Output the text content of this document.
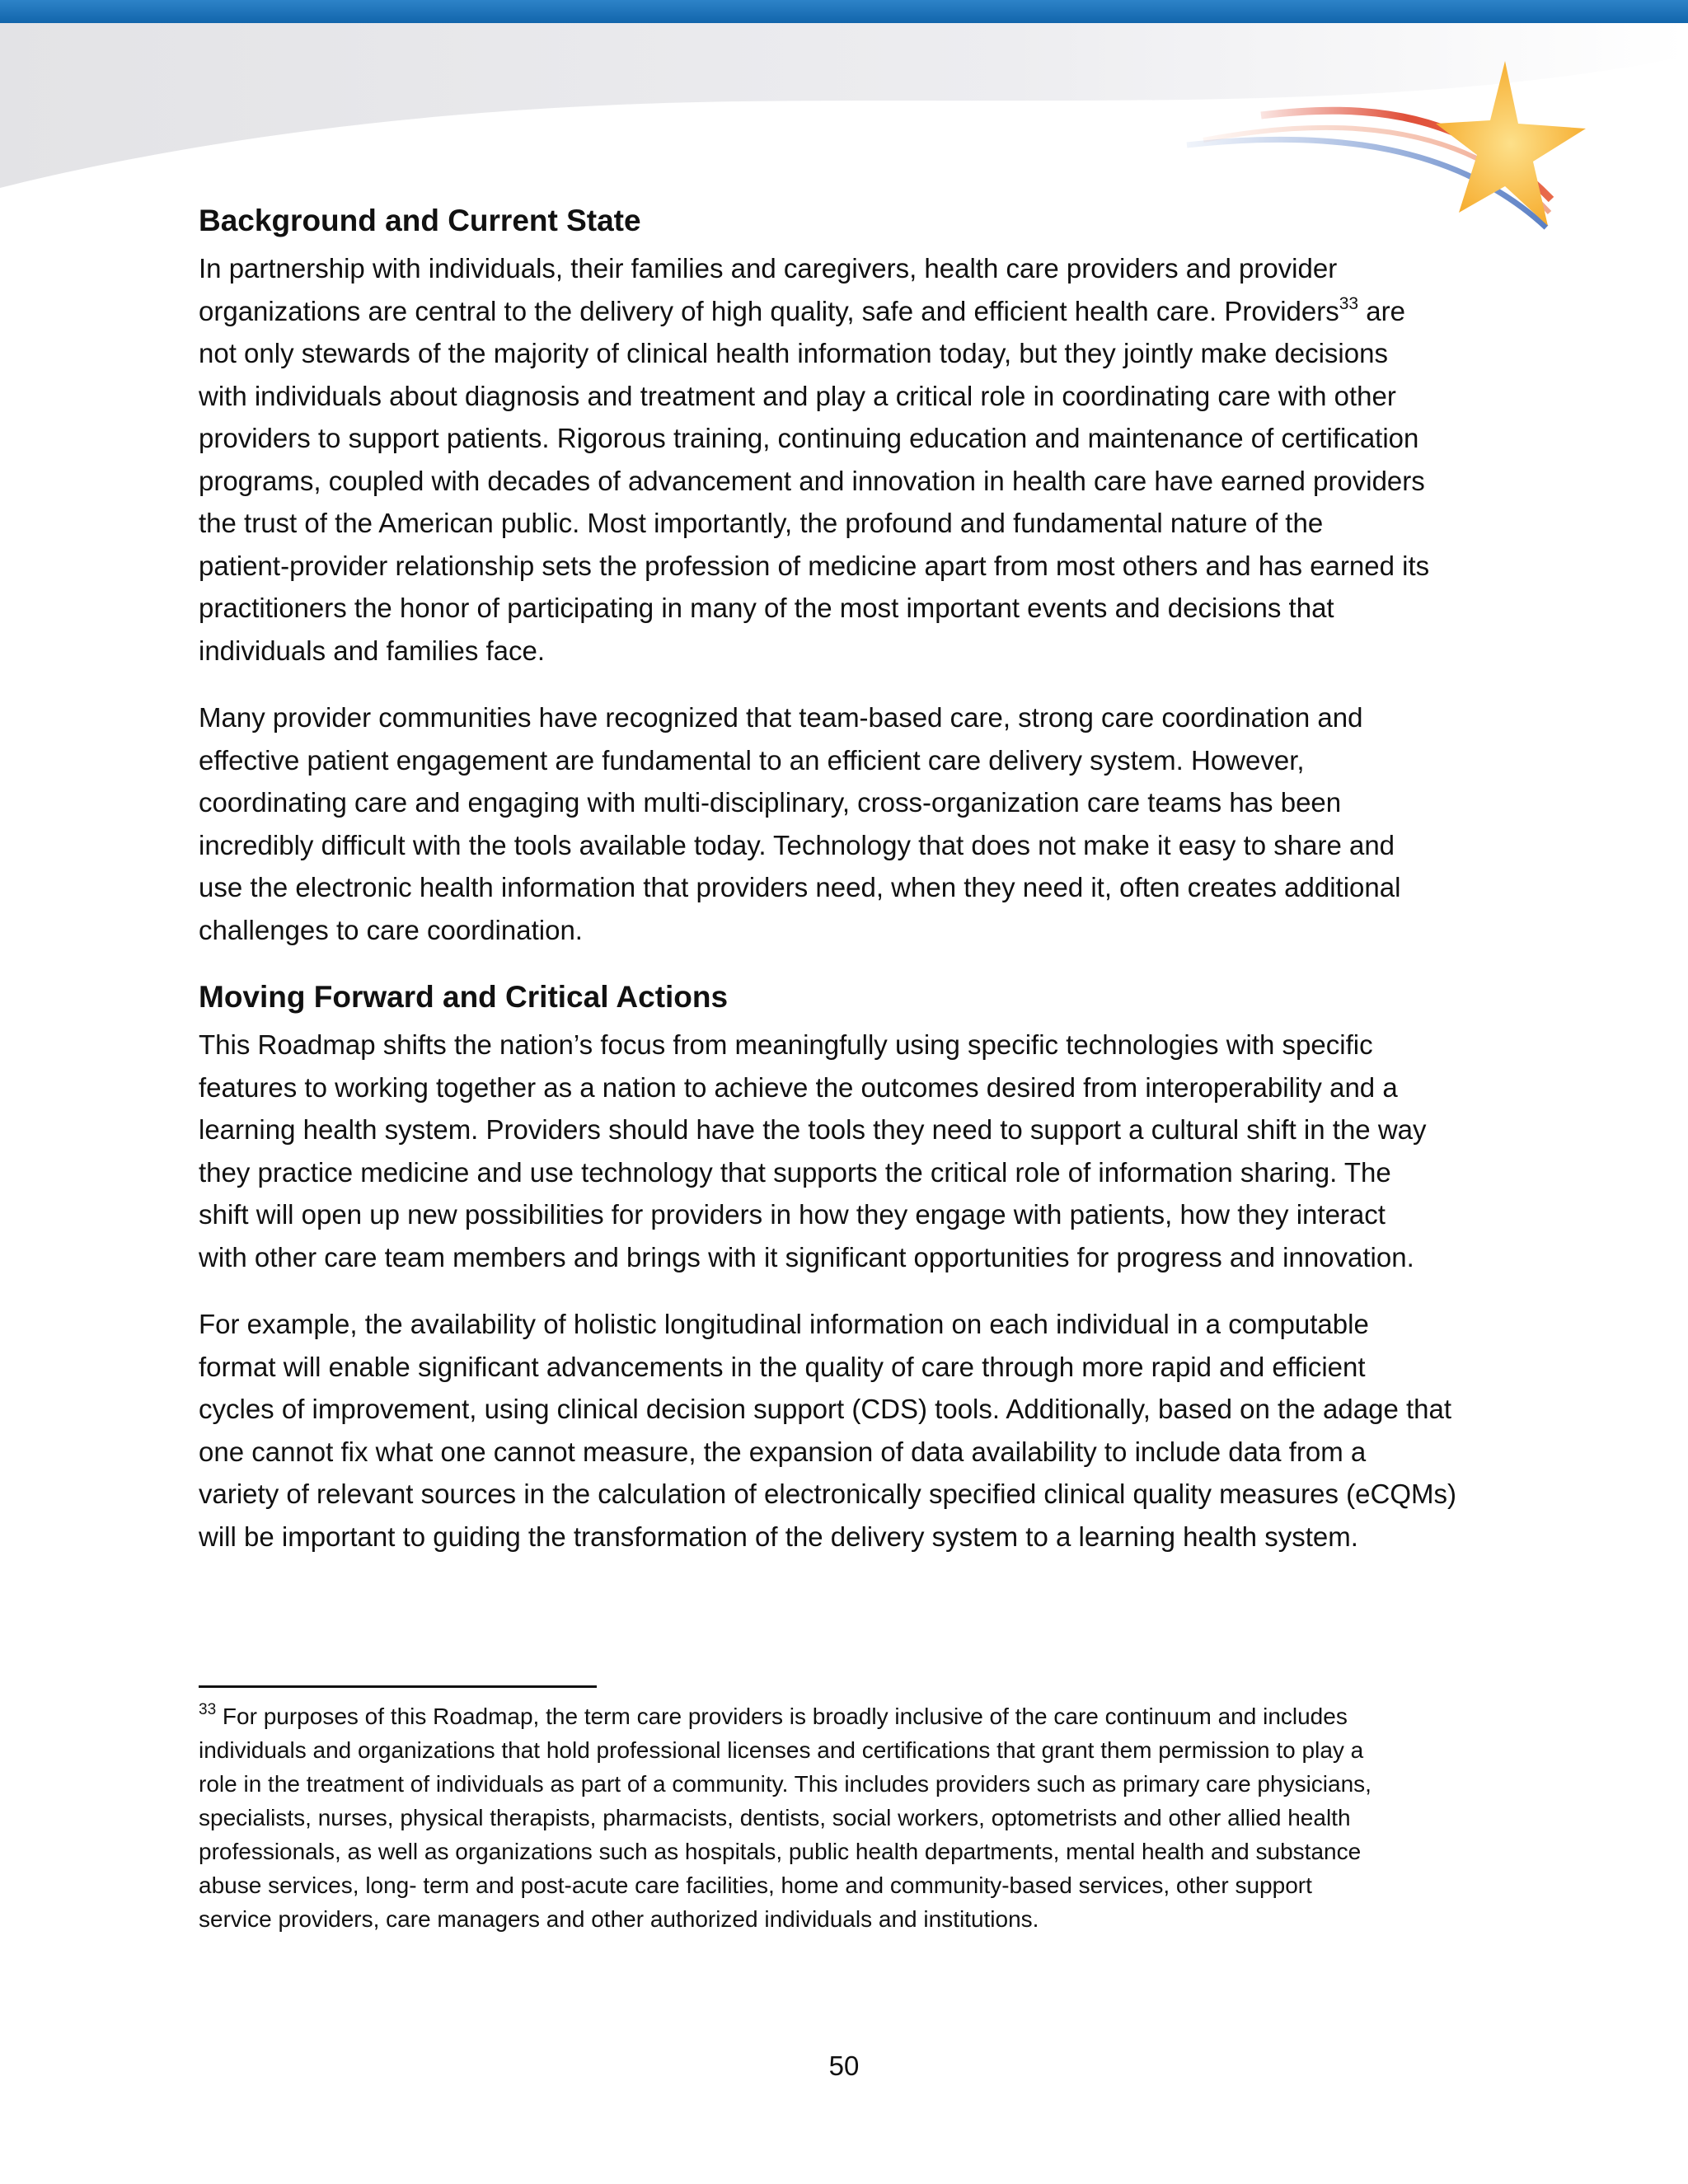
Background and Current State

In partnership with individuals, their families and caregivers, health care providers and provider
organizations are central to the delivery of high quality, safe and efficient health care. Providers$^{33}$ are
not only stewards of the majority of clinical health information today, but they jointly make decisions
with individuals about diagnosis and treatment and play a critical role in coordinating care with other
providers to support patients. Rigorous training, continuing education and maintenance of certification
programs, coupled with decades of advancement and innovation in health care have earned providers
the trust of the American public. Most importantly, the profound and fundamental nature of the
patient-provider relationship sets the profession of medicine apart from most others and has earned its
practitioners the honor of participating in many of the most important events and decisions that
individuals and families face.

Many provider communities have recognized that team-based care, strong care coordination and
effective patient engagement are fundamental to an efficient care delivery system. However,
coordinating care and engaging with multi-disciplinary, cross-organization care teams has been
incredibly difficult with the tools available today. Technology that does not make it easy to share and
use the electronic health information that providers need, when they need it, often creates additional
challenges to care coordination.

Moving Forward and Critical Actions

This Roadmap shifts the nation’s focus from meaningfully using specific technologies with specific
features to working together as a nation to achieve the outcomes desired from interoperability and a
learning health system. Providers should have the tools they need to support a cultural shift in the way
they practice medicine and use technology that supports the critical role of information sharing. The
shift will open up new possibilities for providers in how they engage with patients, how they interact
with other care team members and brings with it significant opportunities for progress and innovation.

For example, the availability of holistic longitudinal information on each individual in a computable
format will enable significant advancements in the quality of care through more rapid and efficient
cycles of improvement, using clinical decision support (CDS) tools. Additionally, based on the adage that
one cannot fix what one cannot measure, the expansion of data availability to include data from a
variety of relevant sources in the calculation of electronically specified clinical quality measures (eCQMs)
will be important to guiding the transformation of the delivery system to a learning health system.

$^{33}$ For purposes of this Roadmap, the term care providers is broadly inclusive of the care continuum and includes
individuals and organizations that hold professional licenses and certifications that grant them permission to play a
role in the treatment of individuals as part of a community. This includes providers such as primary care physicians,
specialists, nurses, physical therapists, pharmacists, dentists, social workers, optometrists and other allied health
professionals, as well as organizations such as hospitals, public health departments, mental health and substance
abuse services, long- term and post-acute care facilities, home and community-based services, other support
service providers, care managers and other authorized individuals and institutions.
50
